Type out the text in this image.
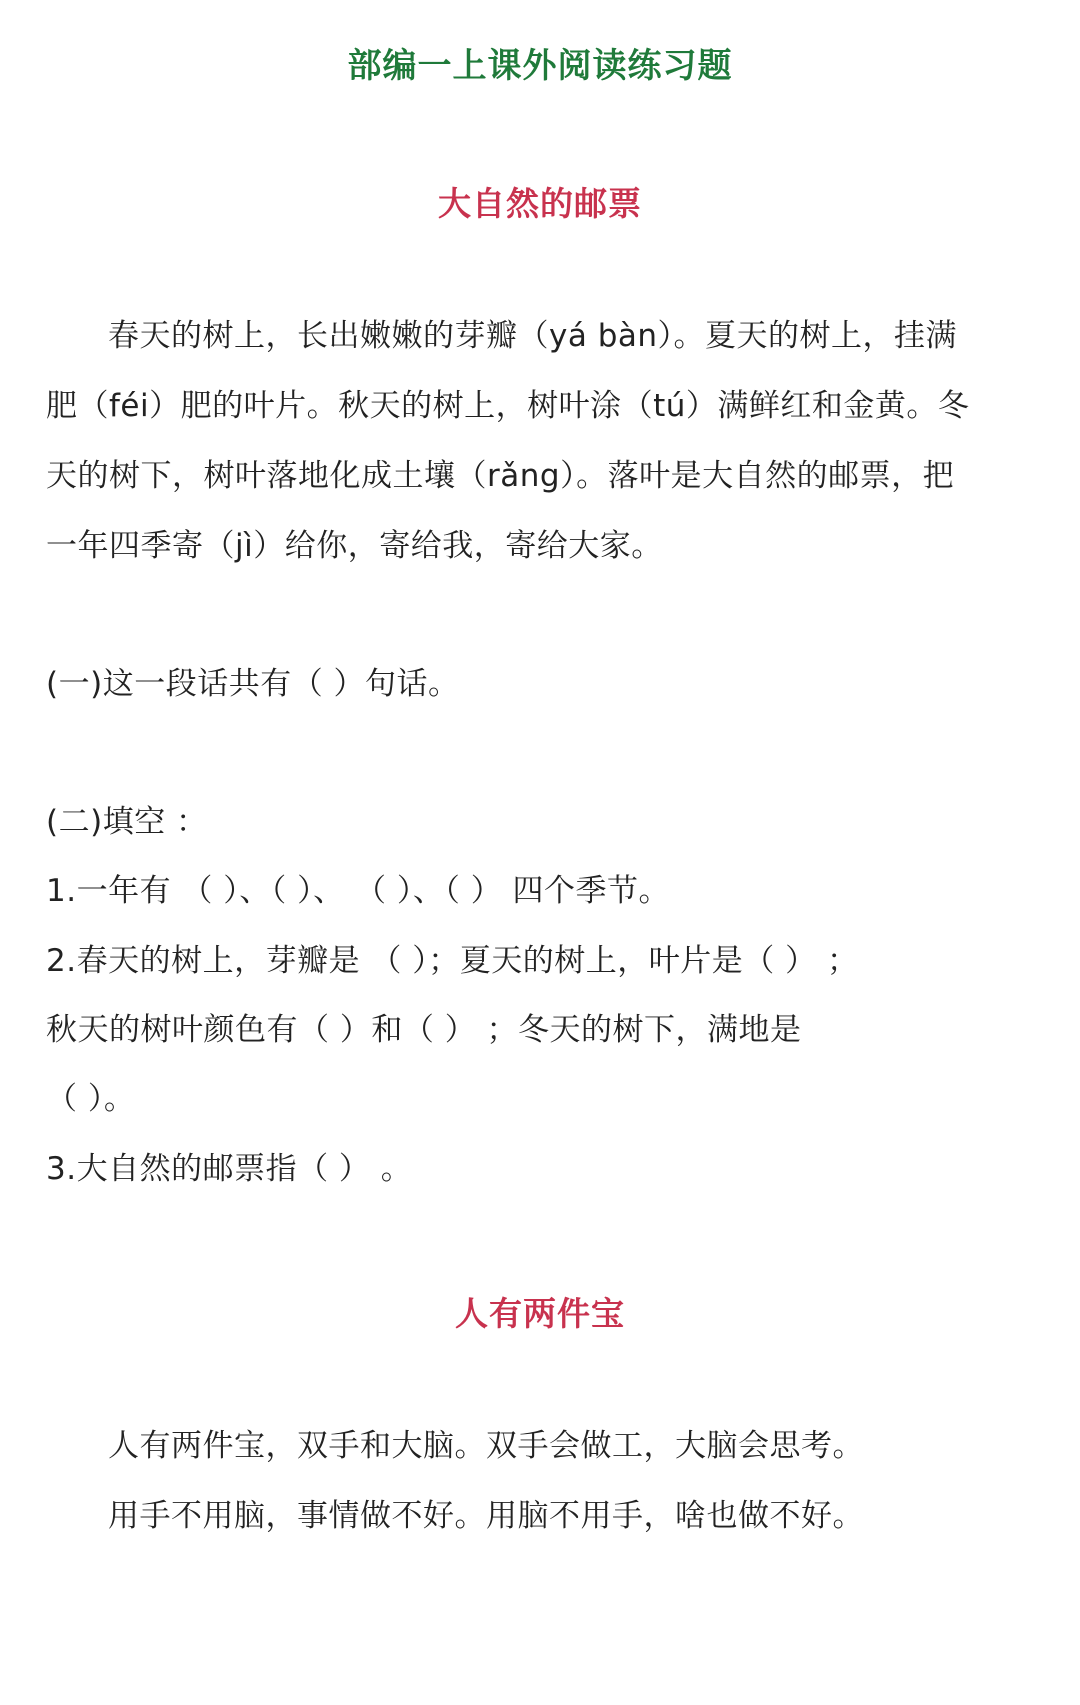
部编一上课外阅读练习题
大自然的邮票
春天的树上，长出嫩嫩的芽瓣（yá bàn）。夏天的树上，挂满
肥（féi）肥的叶片。秋天的树上，树叶涂（tú）满鲜红和金黄。冬
天的树下，树叶落地化成土壤（rǎng）。落叶是大自然的邮票，把
一年四季寄（jì）给你，寄给我，寄给大家。
(一)这一段话共有（ ）句话。
(二)填空 ：
1.一年有 （ ）、（ ）、 （ ）、（ ） 四个季节。
2.春天的树上，芽瓣是 （ ）；夏天的树上，叶片是（ ） ；
秋天的树叶颜色有（ ）和（ ） ；冬天的树下，满地是
（ ）。
3.大自然的邮票指（ ） 。
人有两件宝
人有两件宝，双手和大脑。双手会做工，大脑会思考。
用手不用脑，事情做不好。用脑不用手，啥也做不好。
